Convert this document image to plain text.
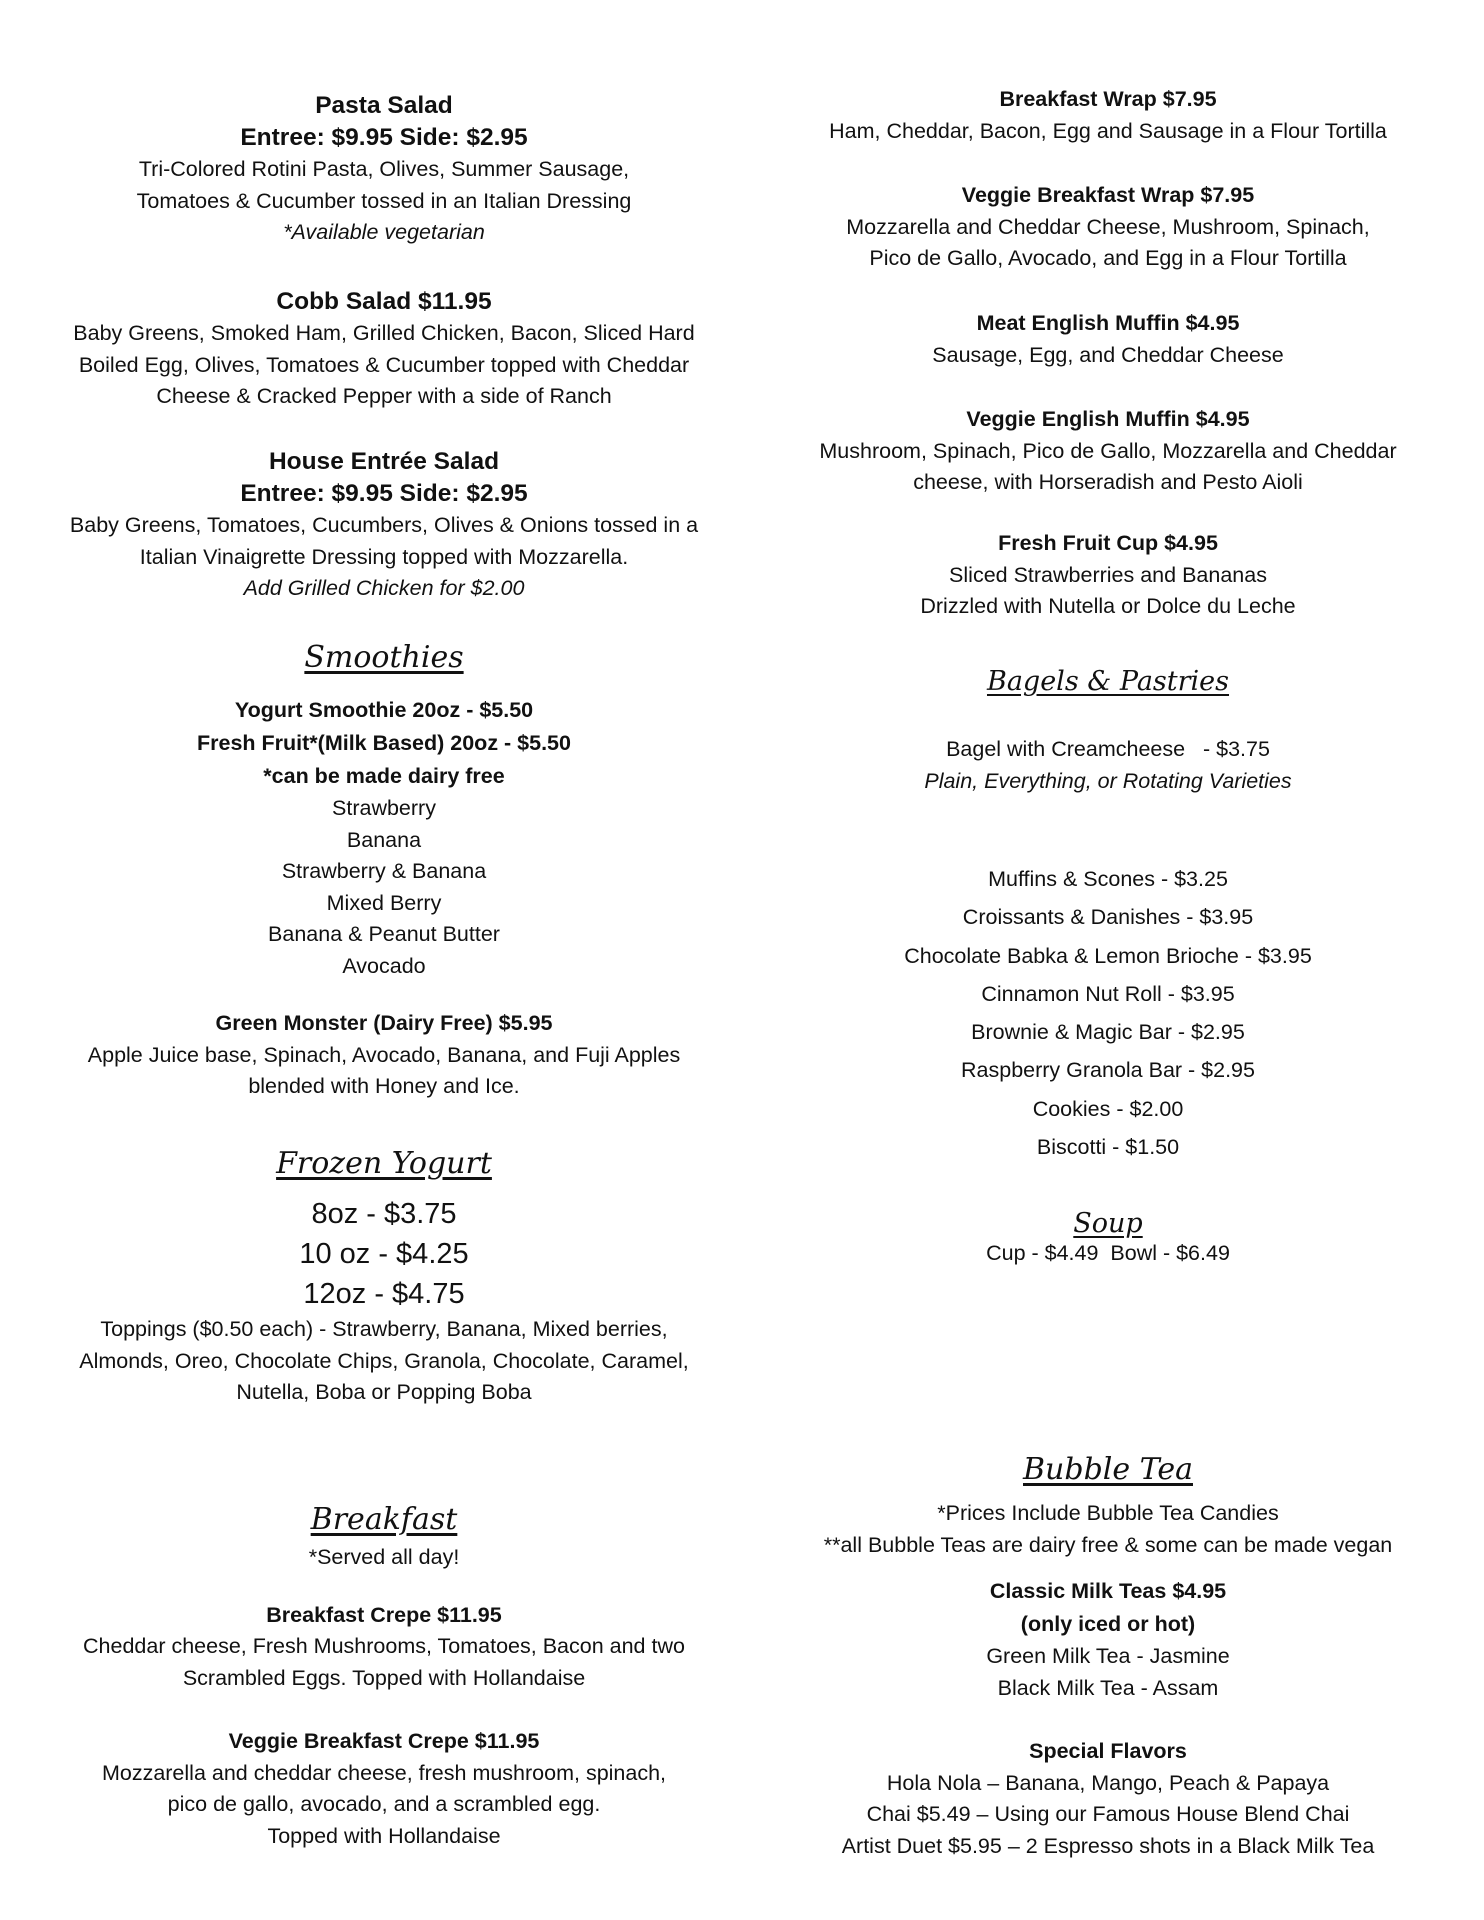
Pasta Salad
Entree: $9.95 Side: $2.95
Tri-Colored Rotini Pasta, Olives, Summer Sausage,
Tomatoes & Cucumber tossed in an Italian Dressing
*Available vegetarian
Cobb Salad $11.95
Baby Greens, Smoked Ham, Grilled Chicken, Bacon, Sliced Hard
Boiled Egg, Olives, Tomatoes & Cucumber topped with Cheddar
Cheese & Cracked Pepper with a side of Ranch
House Entrée Salad
Entree: $9.95 Side: $2.95
Baby Greens, Tomatoes, Cucumbers, Olives & Onions tossed in a
Italian Vinaigrette Dressing topped with Mozzarella.
Add Grilled Chicken for $2.00
Smoothies
Yogurt Smoothie 20oz - $5.50
Fresh Fruit*(Milk Based) 20oz - $5.50
*can be made dairy free
Strawberry
Banana
Strawberry & Banana
Mixed Berry
Banana & Peanut Butter
Avocado
Green Monster (Dairy Free) $5.95
Apple Juice base, Spinach, Avocado, Banana, and Fuji Apples
blended with Honey and Ice.
Frozen Yogurt
8oz - $3.75
10 oz - $4.25
12oz - $4.75
Toppings ($0.50 each) - Strawberry, Banana, Mixed berries,
Almonds, Oreo, Chocolate Chips, Granola, Chocolate, Caramel,
Nutella, Boba or Popping Boba
Breakfast
*Served all day!
Breakfast Crepe $11.95
Cheddar cheese, Fresh Mushrooms, Tomatoes, Bacon and two
Scrambled Eggs. Topped with Hollandaise
Veggie Breakfast Crepe $11.95
Mozzarella and cheddar cheese, fresh mushroom, spinach,
pico de gallo, avocado, and a scrambled egg.
Topped with Hollandaise
Breakfast Wrap $7.95
Ham, Cheddar, Bacon, Egg and Sausage in a Flour Tortilla
Veggie Breakfast Wrap $7.95
Mozzarella and Cheddar Cheese, Mushroom, Spinach,
Pico de Gallo, Avocado, and Egg in a Flour Tortilla
Meat English Muffin $4.95
Sausage, Egg, and Cheddar Cheese
Veggie English Muffin $4.95
Mushroom, Spinach, Pico de Gallo, Mozzarella and Cheddar
cheese, with Horseradish and Pesto Aioli
Fresh Fruit Cup $4.95
Sliced Strawberries and Bananas
Drizzled with Nutella or Dolce du Leche
Bagels & Pastries
Bagel with Creamcheese   - $3.75
Plain, Everything, or Rotating Varieties
Muffins & Scones - $3.25
Croissants & Danishes - $3.95
Chocolate Babka & Lemon Brioche - $3.95
Cinnamon Nut Roll - $3.95
Brownie & Magic Bar - $2.95
Raspberry Granola Bar - $2.95
Cookies - $2.00
Biscotti - $1.50
Soup
Cup - $4.49  Bowl - $6.49
Bubble Tea
*Prices Include Bubble Tea Candies
**all Bubble Teas are dairy free & some can be made vegan
Classic Milk Teas $4.95
(only iced or hot)
Green Milk Tea - Jasmine
Black Milk Tea - Assam
Special Flavors
Hola Nola – Banana, Mango, Peach & Papaya
Chai $5.49 – Using our Famous House Blend Chai
Artist Duet $5.95 – 2 Espresso shots in a Black Milk Tea
